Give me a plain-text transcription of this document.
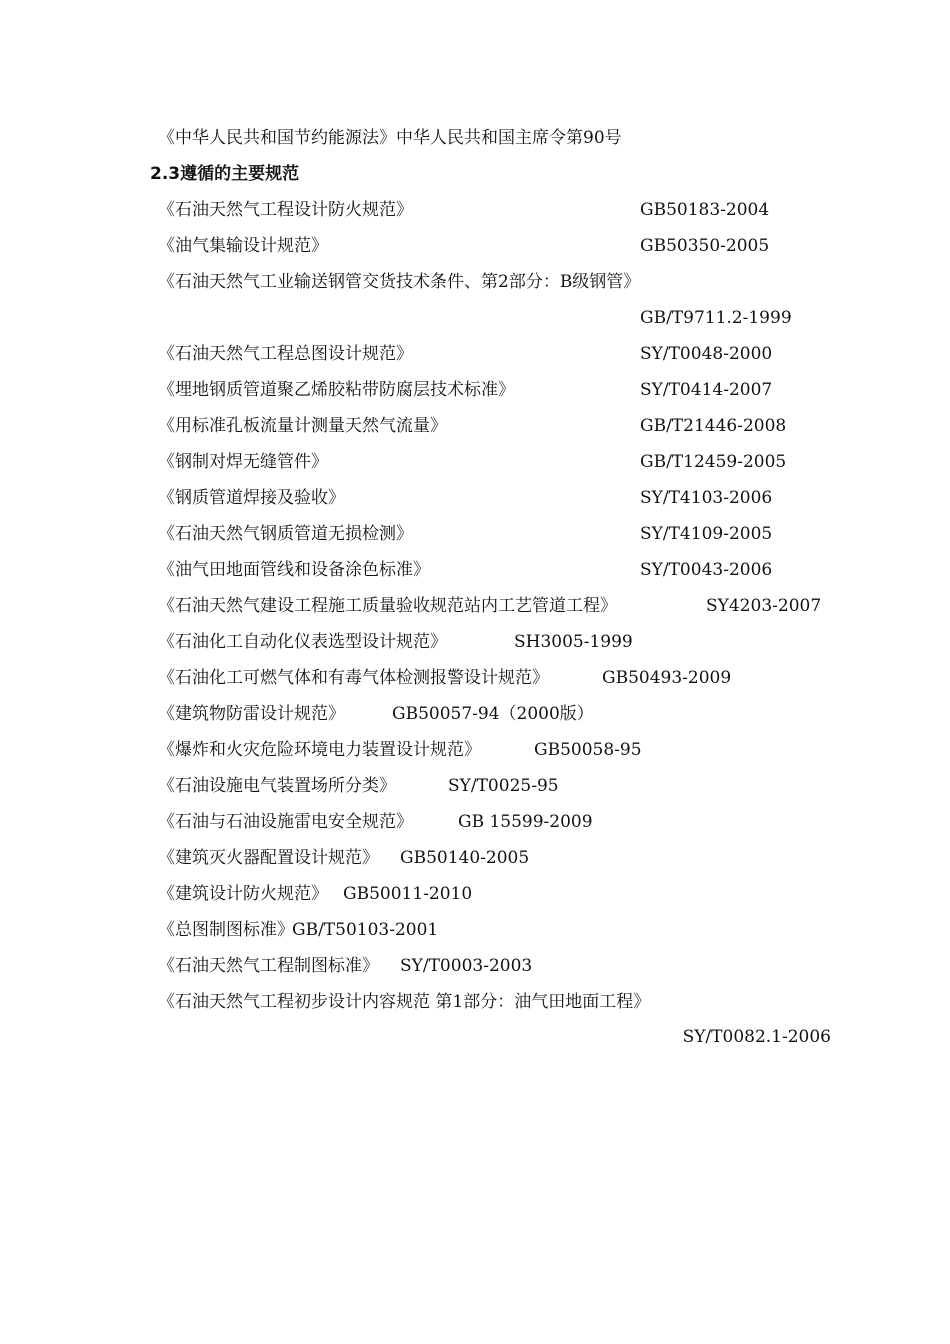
《中华人民共和国节约能源法》中华人民共和国主席令第90号
2.3遵循的主要规范
《石油天然气工程设计防火规范》	GB50183-2004
《油气集输设计规范》	GB50350-2005
《石油天然气工业输送钢管交货技术条件、第2部分：B级钢管》
GB/T9711.2-1999
《石油天然气工程总图设计规范》	SY/T0048-2000
《埋地钢质管道聚乙烯胶粘带防腐层技术标准》	SY/T0414-2007
《用标准孔板流量计测量天然气流量》	GB/T21446-2008
《钢制对焊无缝管件》	GB/T12459-2005
《钢质管道焊接及验收》	SY/T4103-2006
《石油天然气钢质管道无损检测》	SY/T4109-2005
《油气田地面管线和设备涂色标准》	SY/T0043-2006
《石油天然气建设工程施工质量验收规范站内工艺管道工程》	SY4203-2007
《石油化工自动化仪表选型设计规范》	SH3005-1999
《石油化工可燃气体和有毒气体检测报警设计规范》	GB50493-2009
《建筑物防雷设计规范》	GB50057-94（2000版）
《爆炸和火灾危险环境电力装置设计规范》	GB50058-95
《石油设施电气装置场所分类》	SY/T0025-95
《石油与石油设施雷电安全规范》	GB 15599-2009
《建筑灭火器配置设计规范》 GB50140-2005
《建筑设计防火规范》 GB50011-2010
《总图制图标准》
GB/T50103-2001
《石油天然气工程制图标准》 SY/T0003-2003
《石油天然气工程初步设计内容规范 第1部分：油气田地面工程》
SY/T0082.1-2006
